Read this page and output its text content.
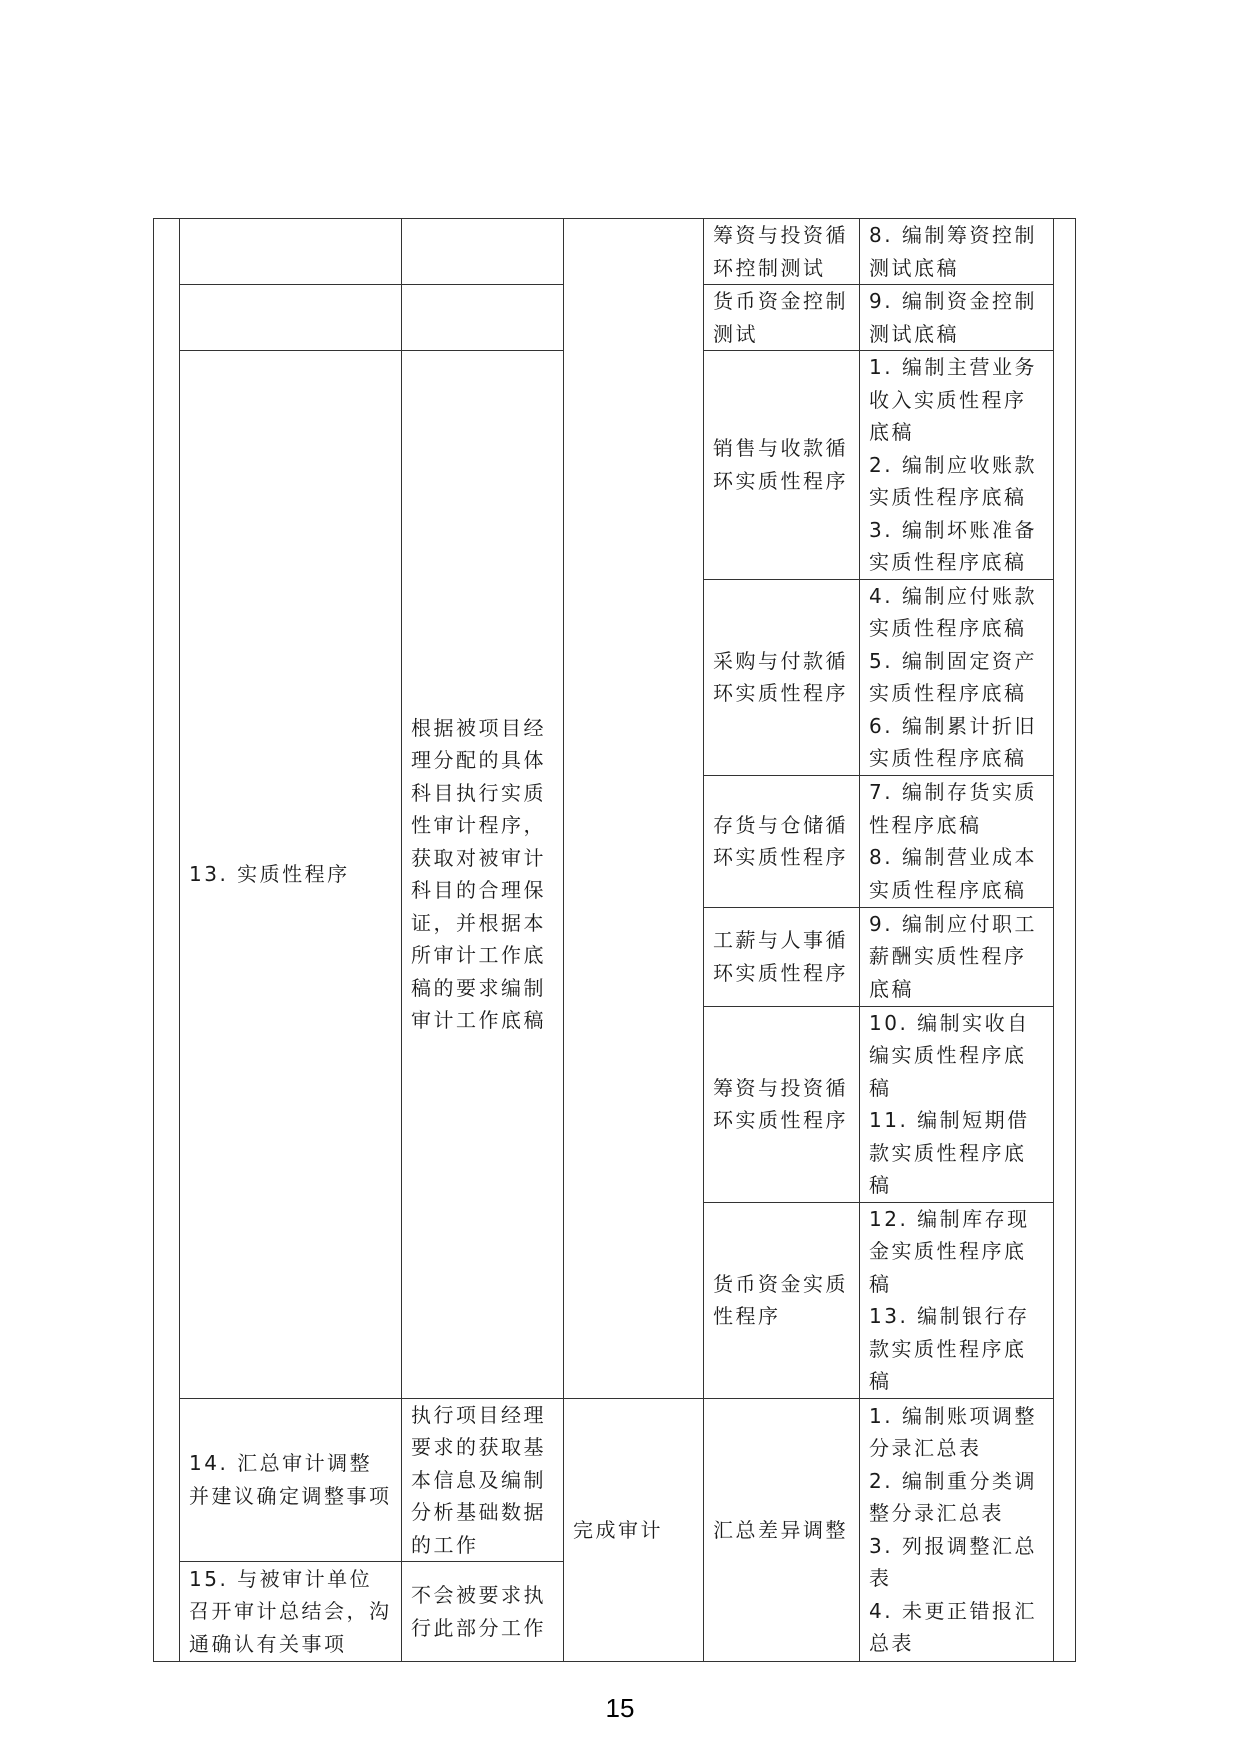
				筹资与投资循环控制测试	8. 编制筹资控制测试底稿	

				货币资金控制测试	9. 编制资金控制测试底稿	

	13. 实质性程序	根据被项目经理分配的具体科目执行实质性审计程序，获取对被审计科目的合理保证，并根据本所审计工作底稿的要求编制审计工作底稿		销售与收款循环实质性程序	1. 编制主营业务收入实质性程序底稿
2. 编制应收账款实质性程序底稿
3. 编制坏账准备实质性程序底稿	

				采购与付款循环实质性程序	4. 编制应付账款实质性程序底稿
5. 编制固定资产实质性程序底稿
6. 编制累计折旧实质性程序底稿	

				存货与仓储循环实质性程序	7. 编制存货实质性程序底稿
8. 编制营业成本实质性程序底稿	

				工薪与人事循环实质性程序	9. 编制应付职工薪酬实质性程序底稿	

				筹资与投资循环实质性程序	10. 编制实收自编实质性程序底稿
11. 编制短期借款实质性程序底稿	

				货币资金实质性程序	12. 编制库存现金实质性程序底稿
13. 编制银行存款实质性程序底稿	

	14. 汇总审计调整并建议确定调整事项	执行项目经理要求的获取基本信息及编制分析基础数据的工作	完成审计	汇总差异调整	1. 编制账项调整分录汇总表
2. 编制重分类调整分录汇总表
3. 列报调整汇总表
4. 未更正错报汇总表	

	15. 与被审计单位召开审计总结会，沟通确认有关事项	不会被要求执行此部分工作				
15
